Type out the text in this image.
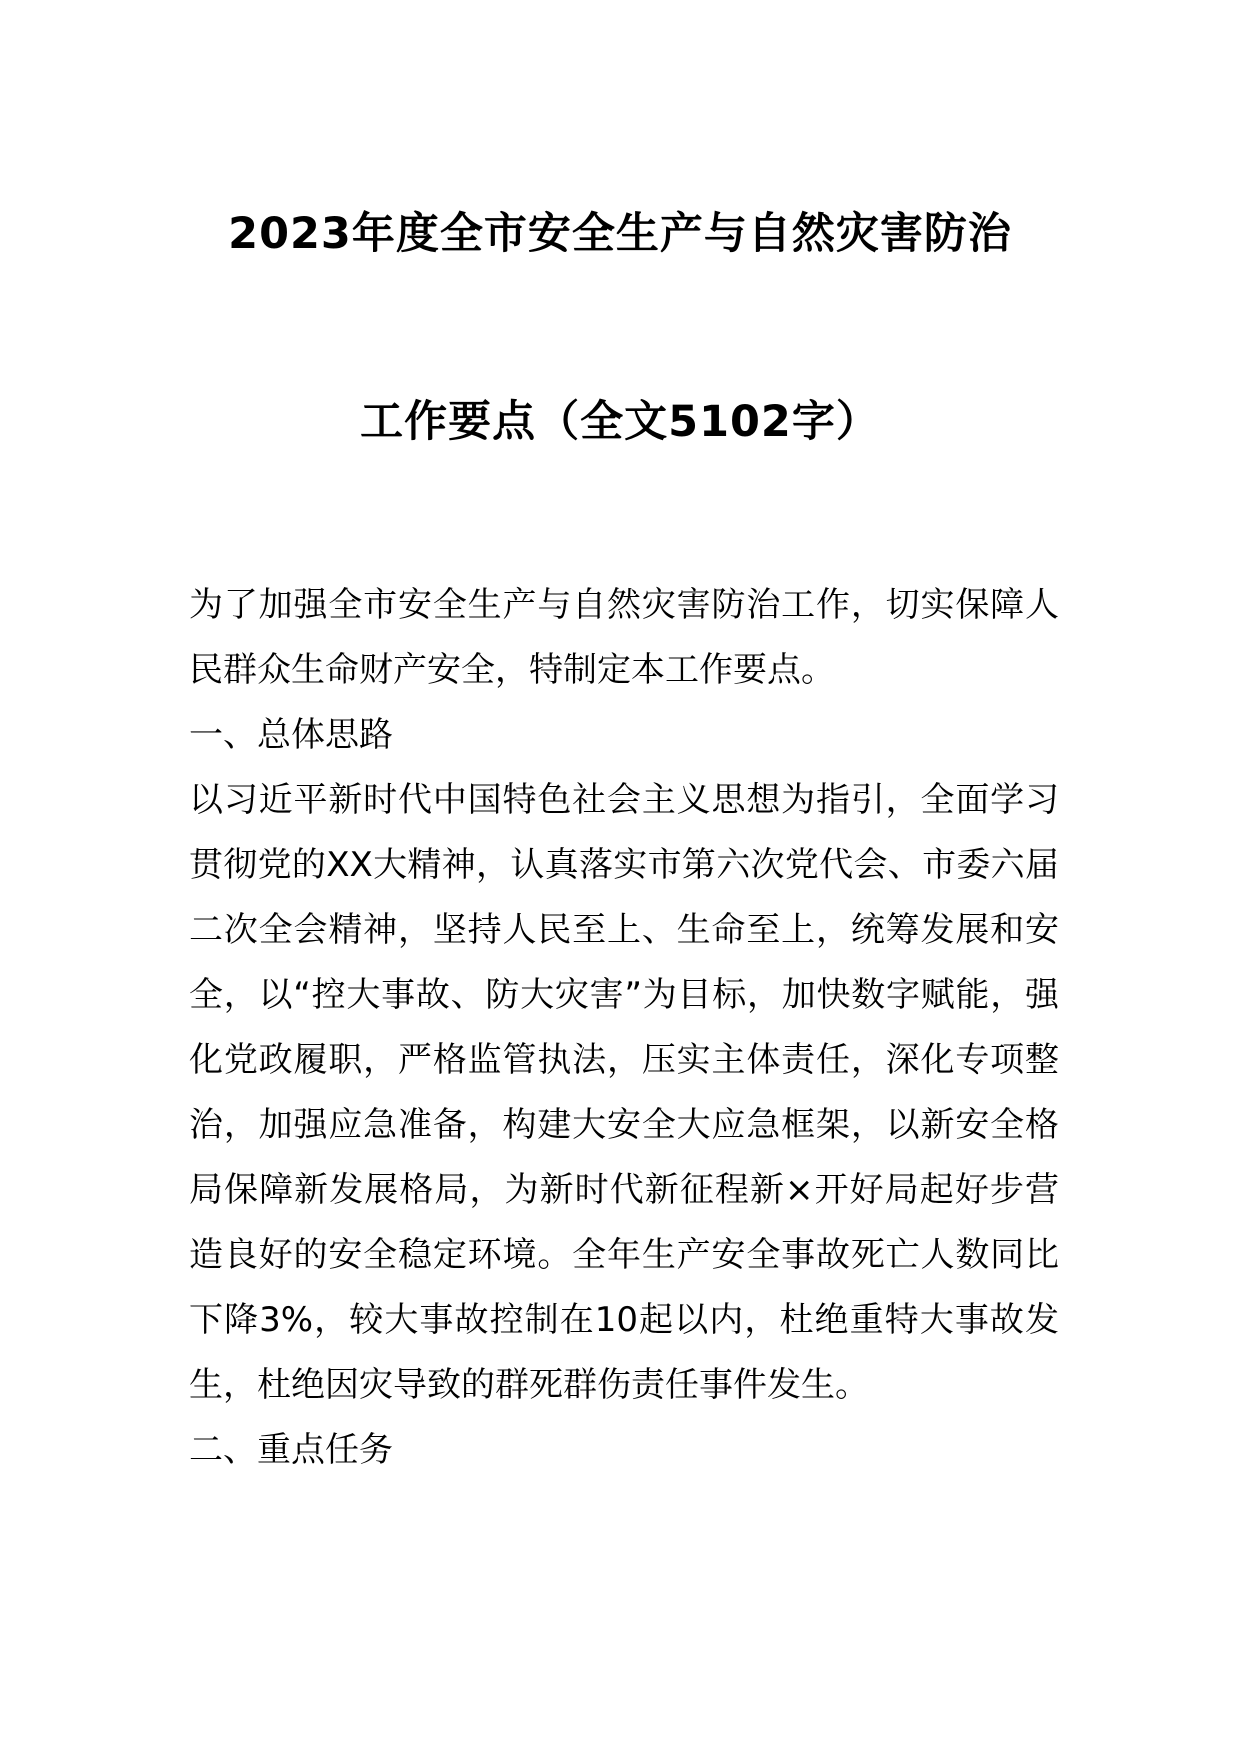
2023年度全市安全生产与自然灾害防治
工作要点（全文5102字）

为了加强全市安全生产与自然灾害防治工作，切实保障人民群众生命财产安全，特制定本工作要点。

一、总体思路

以习近平新时代中国特色社会主义思想为指引，全面学习贯彻党的XX大精神，认真落实市第六次党代会、市委六届二次全会精神，坚持人民至上、生命至上，统筹发展和安全，以“控大事故、防大灾害”为目标，加快数字赋能，强化党政履职，严格监管执法，压实主体责任，深化专项整治，加强应急准备，构建大安全大应急框架，以新安全格局保障新发展格局，为新时代新征程新×开好局起好步营造良好的安全稳定环境。全年生产安全事故死亡人数同比下降3%，较大事故控制在10起以内，杜绝重特大事故发生，杜绝因灾导致的群死群伤责任事件发生。

二、重点任务
